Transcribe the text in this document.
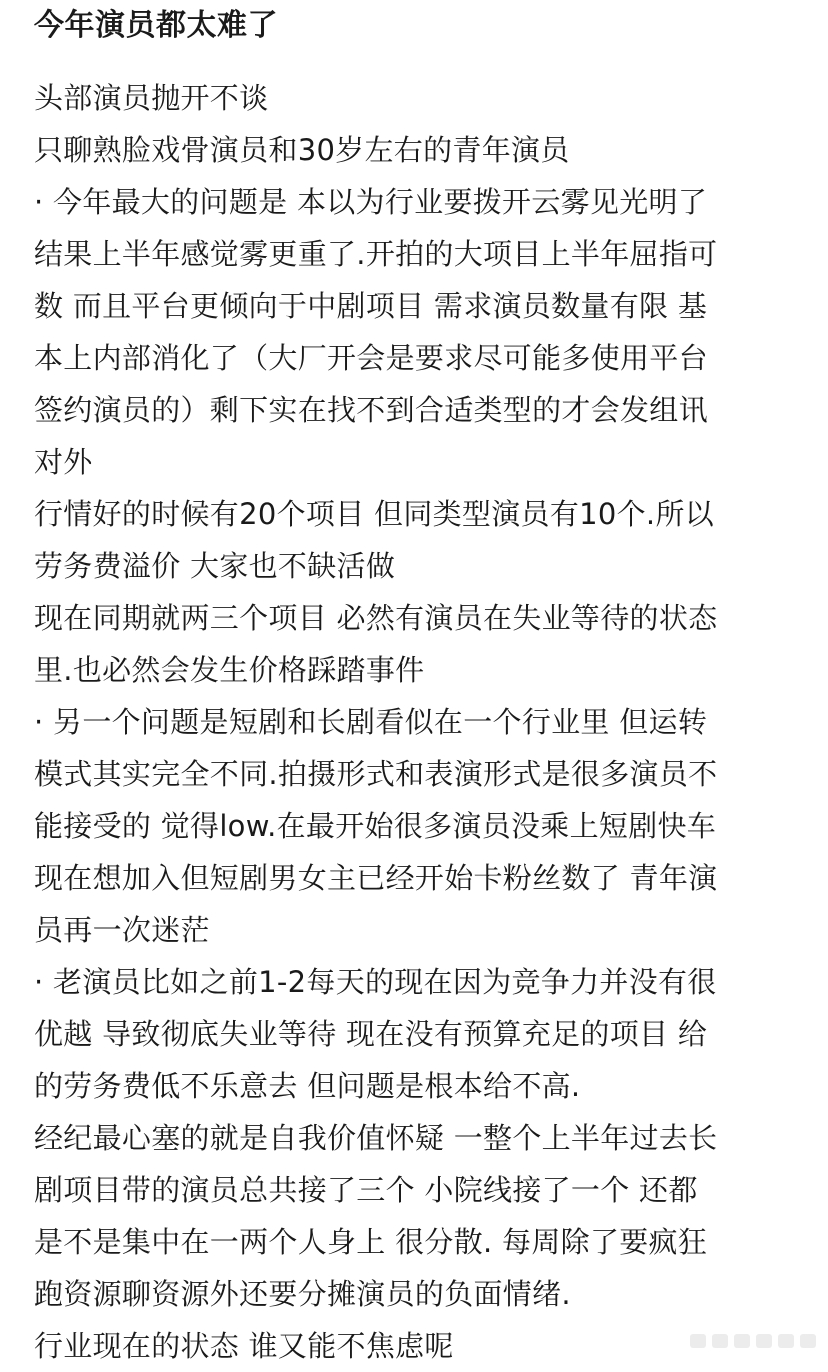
今年演员都太难了
头部演员抛开不谈
只聊熟脸戏骨演员和30岁左右的青年演员
· 今年最大的问题是 本以为行业要拨开云雾见光明了
结果上半年感觉雾更重了.开拍的大项目上半年屈指可
数 而且平台更倾向于中剧项目 需求演员数量有限 基
本上内部消化了（大厂开会是要求尽可能多使用平台
签约演员的）剩下实在找不到合适类型的才会发组讯
对外
行情好的时候有20个项目 但同类型演员有10个.所以
劳务费溢价 大家也不缺活做
现在同期就两三个项目 必然有演员在失业等待的状态
里.也必然会发生价格踩踏事件
· 另一个问题是短剧和长剧看似在一个行业里 但运转
模式其实完全不同.拍摄形式和表演形式是很多演员不
能接受的 觉得low.在最开始很多演员没乘上短剧快车
现在想加入但短剧男女主已经开始卡粉丝数了 青年演
员再一次迷茫
· 老演员比如之前1-2每天的现在因为竞争力并没有很
优越 导致彻底失业等待 现在没有预算充足的项目 给
的劳务费低不乐意去 但问题是根本给不高.
经纪最心塞的就是自我价值怀疑 一整个上半年过去长
剧项目带的演员总共接了三个 小院线接了一个 还都
是不是集中在一两个人身上 很分散. 每周除了要疯狂
跑资源聊资源外还要分摊演员的负面情绪.
行业现在的状态 谁又能不焦虑呢
